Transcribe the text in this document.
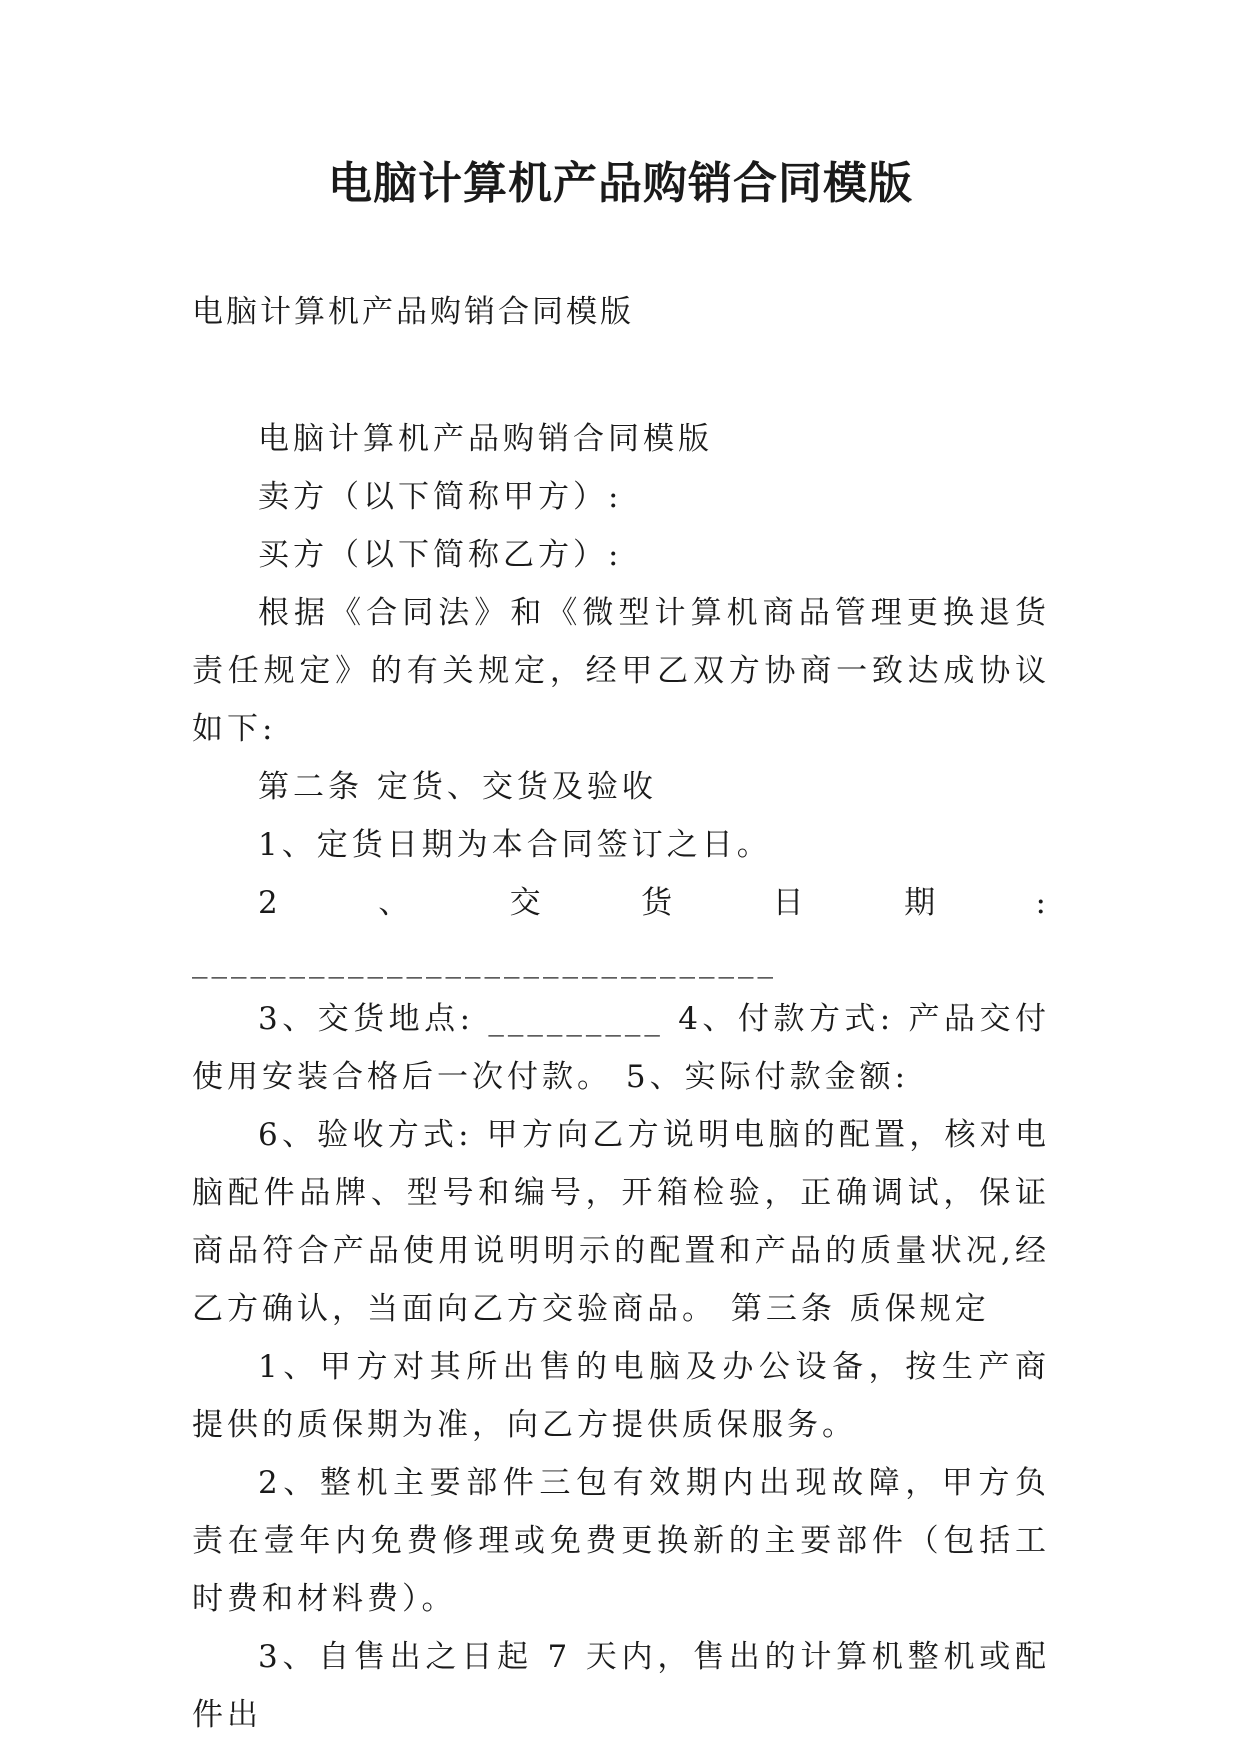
电脑计算机产品购销合同模版
电脑计算机产品购销合同模版

电脑计算机产品购销合同模版

卖方（以下简称甲方）:

买方（以下简称乙方）:

根据《合同法》和《微型计算机商品管理更换退货责任规定》的有关规定，经甲乙双方协商一致达成协议如下:

第二条 定货、交货及验收

1、定货日期为本合同签订之日。

2、交货日期: ______________________________

3、交货地点: _________ 4、付款方式: 产品交付使用安装合格后一次付款。 5、实际付款金额:

6、验收方式: 甲方向乙方说明电脑的配置，核对电脑配件品牌、型号和编号，开箱检验，正确调试，保证商品符合产品使用说明明示的配置和产品的质量状况,经乙方确认，当面向乙方交验商品。 第三条 质保规定

1、甲方对其所出售的电脑及办公设备，按生产商提供的质保期为准，向乙方提供质保服务。

2、整机主要部件三包有效期内出现故障，甲方负责在壹年内免费修理或免费更换新的主要部件（包括工时费和材料费）。

3、自售出之日起 7 天内，售出的计算机整机或配件出
